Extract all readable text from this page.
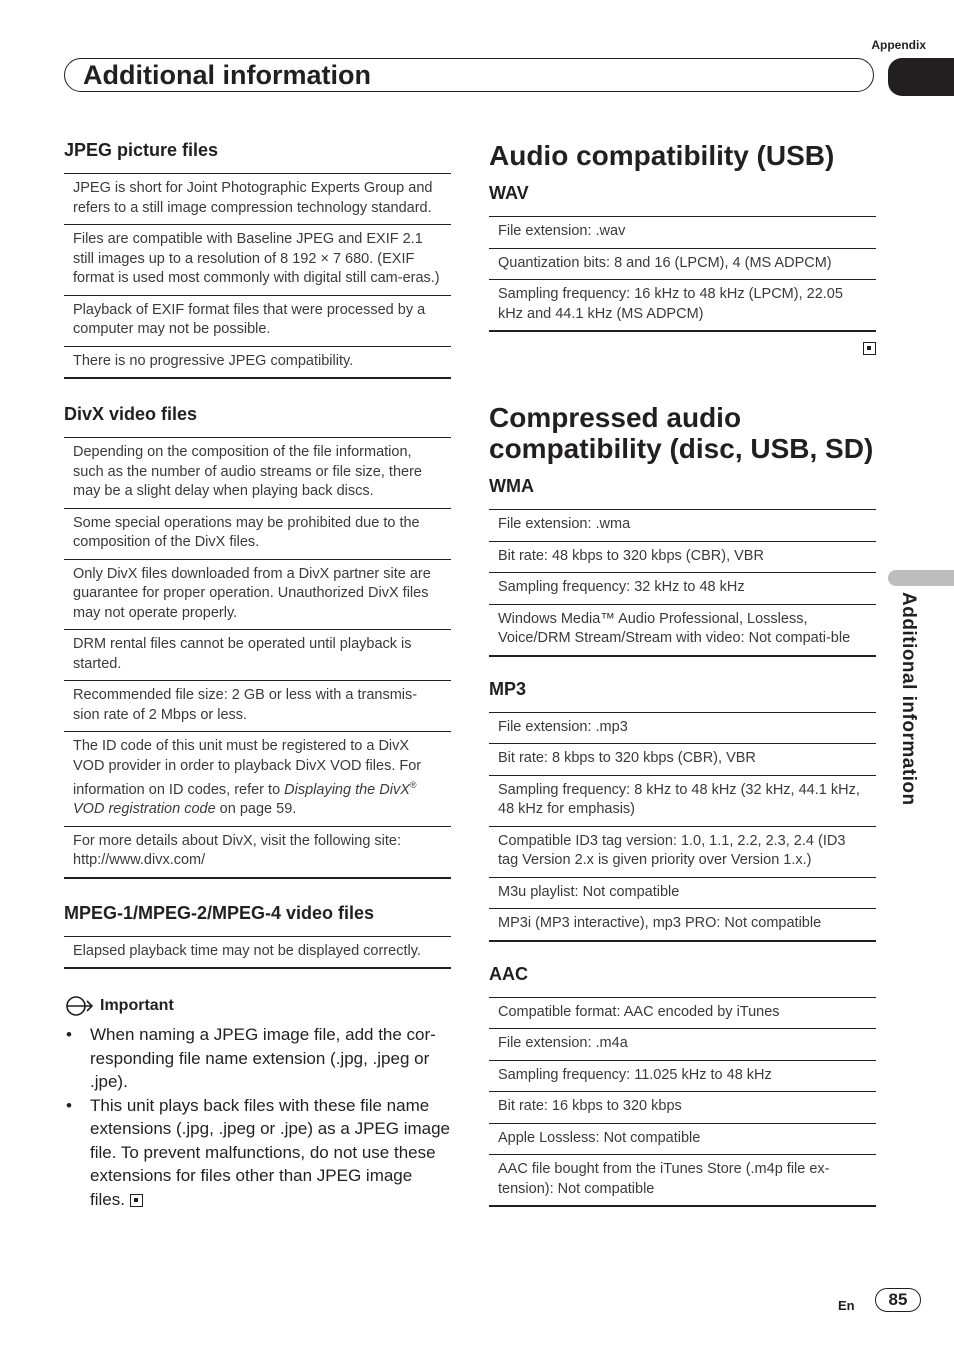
Appendix
Additional information
Additional information
JPEG picture files
JPEG is short for Joint Photographic Experts Group and refers to a still image compression technology standard.
Files are compatible with Baseline JPEG and EXIF 2.1 still images up to a resolution of 8 192 × 7 680. (EXIF format is used most commonly with digital still cam-eras.)
Playback of EXIF format files that were processed by a computer may not be possible.
There is no progressive JPEG compatibility.
DivX video files
Depending on the composition of the file information, such as the number of audio streams or file size, there may be a slight delay when playing back discs.
Some special operations may be prohibited due to the composition of the DivX files.
Only DivX files downloaded from a DivX partner site are guarantee for proper operation. Unauthorized DivX files may not operate properly.
DRM rental files cannot be operated until playback is started.
Recommended file size: 2 GB or less with a transmis-sion rate of 2 Mbps or less.
The ID code of this unit must be registered to a DivX VOD provider in order to playback DivX VOD files. For information on ID codes, refer to Displaying the DivX® VOD registration code on page 59.
For more details about DivX, visit the following site: http://www.divx.com/
MPEG-1/MPEG-2/MPEG-4 video files
Elapsed playback time may not be displayed correctly.
Important
• When naming a JPEG image file, add the cor-responding file name extension (.jpg, .jpeg or .jpe).
• This unit plays back files with these file name extensions (.jpg, .jpeg or .jpe) as a JPEG image file. To prevent malfunctions, do not use these extensions for files other than JPEG image files.
Audio compatibility (USB)
WAV
File extension: .wav
Quantization bits: 8 and 16 (LPCM), 4 (MS ADPCM)
Sampling frequency: 16 kHz to 48 kHz (LPCM), 22.05 kHz and 44.1 kHz (MS ADPCM)
Compressed audio
compatibility (disc, USB, SD)
WMA
File extension: .wma
Bit rate: 48 kbps to 320 kbps (CBR), VBR
Sampling frequency: 32 kHz to 48 kHz
Windows Media™ Audio Professional, Lossless, Voice/DRM Stream/Stream with video: Not compati-ble
MP3
File extension: .mp3
Bit rate: 8 kbps to 320 kbps (CBR), VBR
Sampling frequency: 8 kHz to 48 kHz (32 kHz, 44.1 kHz, 48 kHz for emphasis)
Compatible ID3 tag version: 1.0, 1.1, 2.2, 2.3, 2.4 (ID3 tag Version 2.x is given priority over Version 1.x.)
M3u playlist: Not compatible
MP3i (MP3 interactive), mp3 PRO: Not compatible
AAC
Compatible format: AAC encoded by iTunes
File extension: .m4a
Sampling frequency: 11.025 kHz to 48 kHz
Bit rate: 16 kbps to 320 kbps
Apple Lossless: Not compatible
AAC file bought from the iTunes Store (.m4p file ex-tension): Not compatible
En	85
